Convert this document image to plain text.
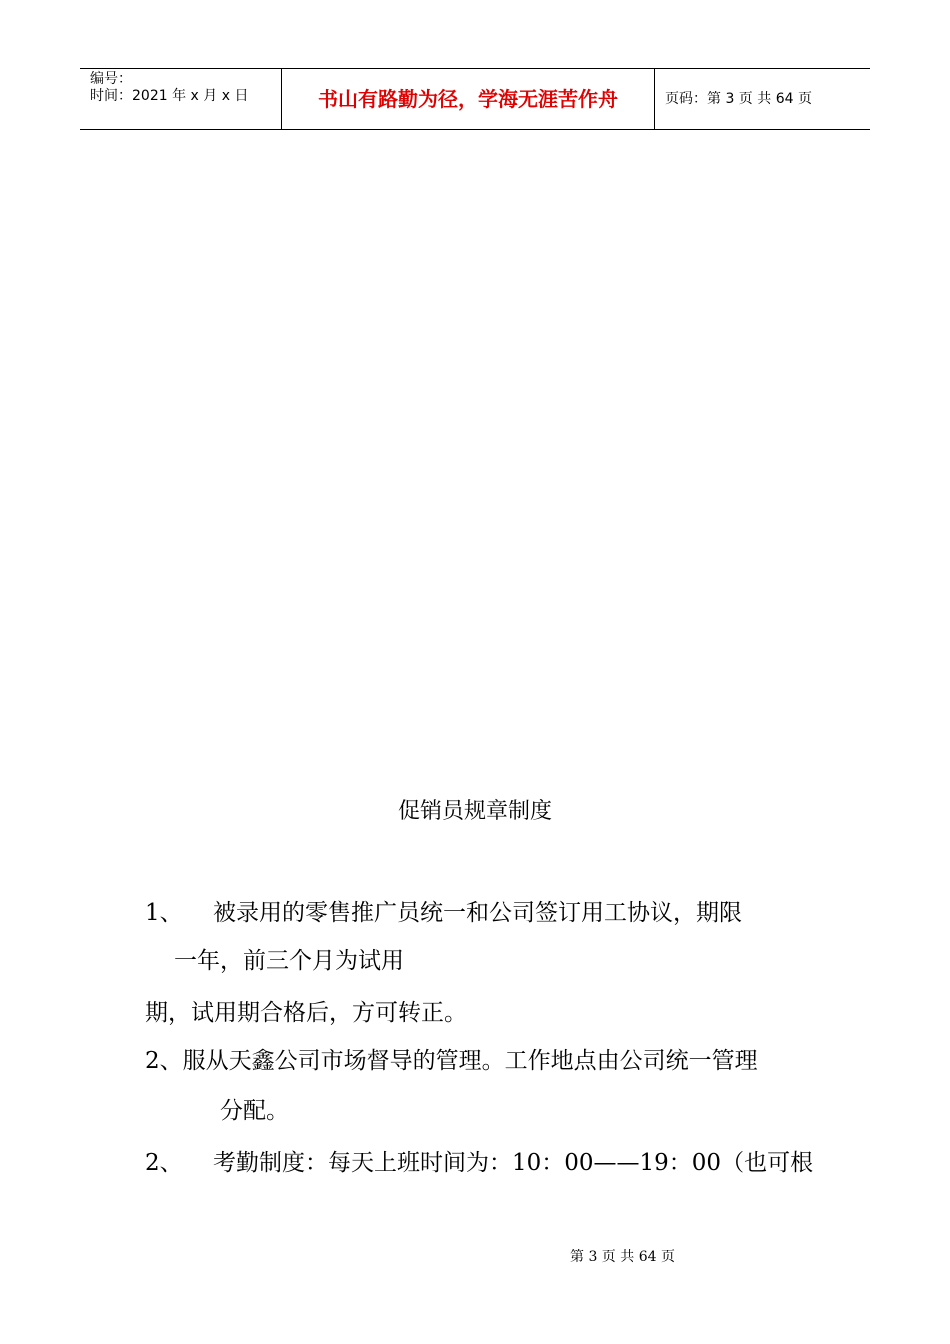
编号：
时间：2021 年 x 月 x 日	书山有路勤为径，学海无涯苦作舟	页码：第 3 页 共 64 页
促销员规章制度
1、 被录用的零售推广员统一和公司签订用工协议，期限
一年，前三个月为试用
期，试用期合格后，方可转正。
2、服从天鑫公司市场督导的管理。工作地点由公司统一管理
分配。
2、 考勤制度：每天上班时间为：10：00——19：00（也可根
第 3 页 共 64 页
